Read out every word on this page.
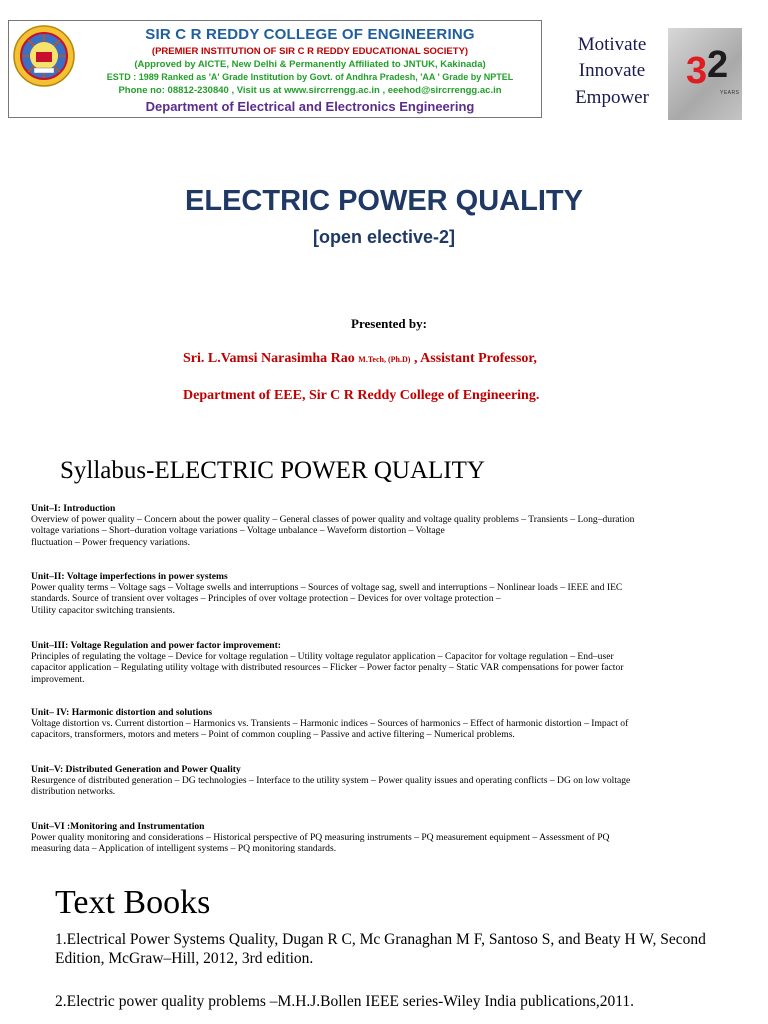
SIR C R REDDY COLLEGE OF ENGINEERING
(PREMIER INSTITUTION OF SIR C R REDDY EDUCATIONAL SOCIETY)
(Approved by AICTE, New Delhi & Permanently Affiliated to JNTUK, Kakinada)
ESTD : 1989 Ranked as 'A' Grade Institution by Govt. of Andhra Pradesh, 'AA ' Grade by NPTEL
Phone no: 08812-230840 , Visit us at www.sircrrengg.ac.in , eeehod@sircrrengg.ac.in
Department of Electrical and Electronics Engineering
Motivate
Innovate
Empower
3 2
YEARS
ELECTRIC POWER QUALITY
[open elective-2]
Presented by:
Sri. L.Vamsi Narasimha Rao M.Tech, (Ph.D) , Assistant Professor,
Department of EEE, Sir C R Reddy College of Engineering.
Syllabus-ELECTRIC POWER QUALITY
Unit–I: Introduction
Overview of power quality – Concern about the power quality – General classes of power quality and voltage quality problems – Transients – Long–duration
voltage variations – Short–duration voltage variations – Voltage unbalance – Waveform distortion – Voltage
fluctuation – Power frequency variations.
Unit–II: Voltage imperfections in power systems
Power quality terms – Voltage sags – Voltage swells and interruptions – Sources of voltage sag, swell and interruptions – Nonlinear loads – IEEE and IEC
standards. Source of transient over voltages – Principles of over voltage protection – Devices for over voltage protection –
Utility capacitor switching transients.
Unit–III: Voltage Regulation and power factor improvement:
Principles of regulating the voltage – Device for voltage regulation – Utility voltage regulator application – Capacitor for voltage regulation – End–user
capacitor application – Regulating utility voltage with distributed resources – Flicker – Power factor penalty – Static VAR compensations for power factor
improvement.
Unit– IV: Harmonic distortion and solutions
Voltage distortion vs. Current distortion – Harmonics vs. Transients – Harmonic indices – Sources of harmonics – Effect of harmonic distortion – Impact of
capacitors, transformers, motors and meters – Point of common coupling – Passive and active filtering – Numerical problems.
Unit–V: Distributed Generation and Power Quality
Resurgence of distributed generation – DG technologies – Interface to the utility system – Power quality issues and operating conflicts – DG on low voltage
distribution networks.
Unit–VI :Monitoring and Instrumentation
Power quality monitoring and considerations – Historical perspective of PQ measuring instruments – PQ measurement equipment – Assessment of PQ
measuring data – Application of intelligent systems – PQ monitoring standards.
Text Books
1.Electrical Power Systems Quality, Dugan R C, Mc Granaghan M F, Santoso S, and Beaty H W, Second Edition, McGraw–Hill, 2012, 3rd edition.
2.Electric power quality problems –M.H.J.Bollen IEEE series-Wiley India publications,2011.
